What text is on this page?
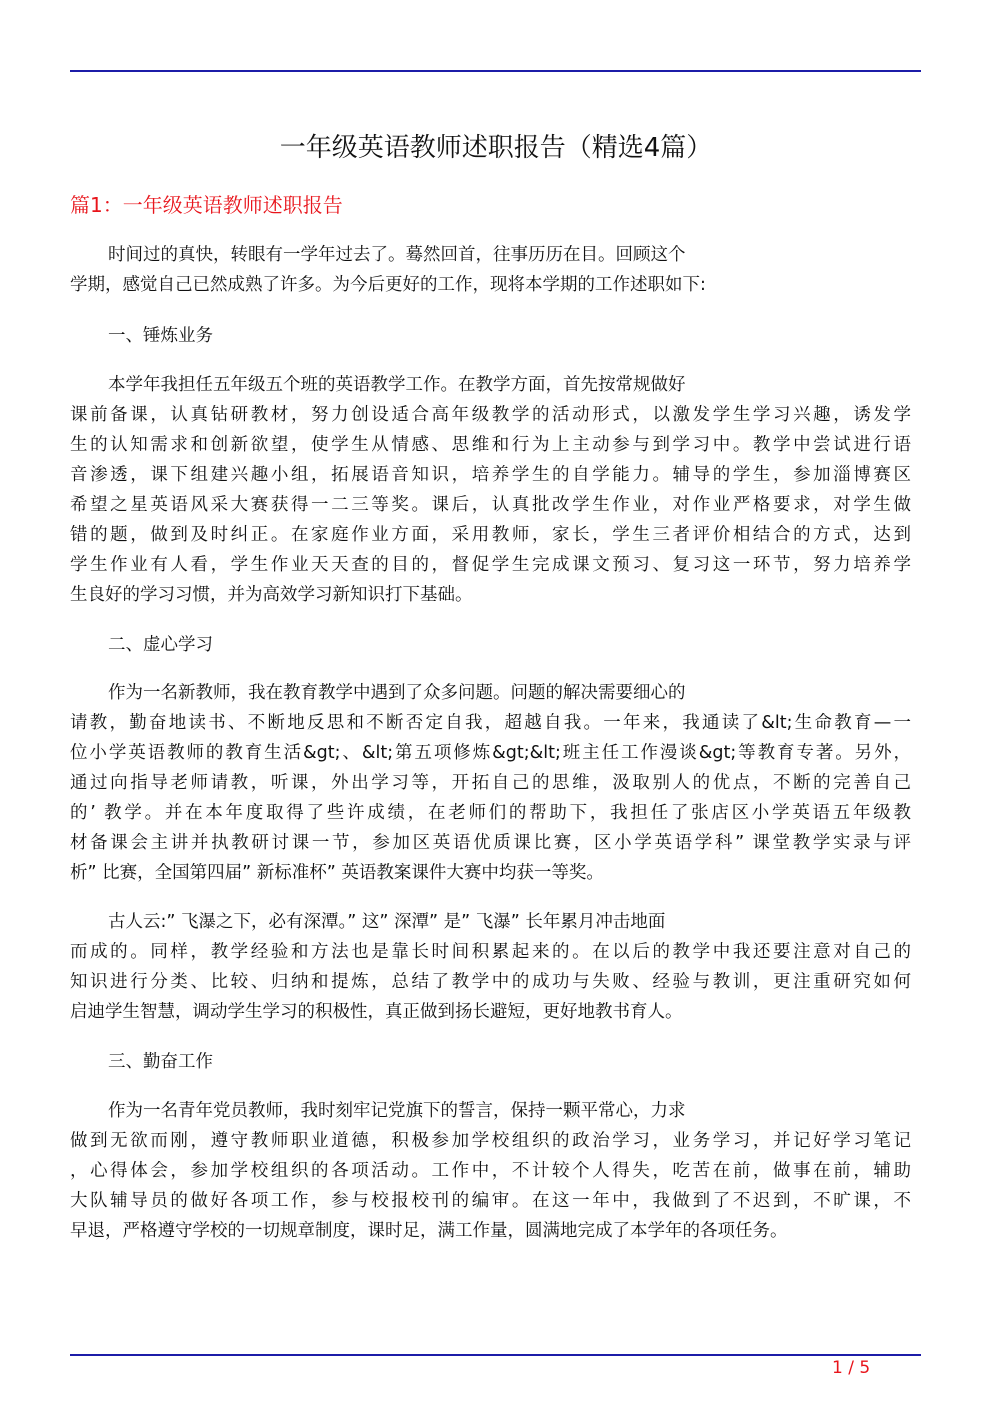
一年级英语教师述职报告（精选4篇）
篇1：一年级英语教师述职报告
时间过的真快，转眼有一学年过去了。蓦然回首，往事历历在目。回顾这个
学期，感觉自己已然成熟了许多。为今后更好的工作，现将本学期的工作述职如下:
一、锤炼业务
本学年我担任五年级五个班的英语教学工作。在教学方面，首先按常规做好
课前备课，认真钻研教材，努力创设适合高年级教学的活动形式，以激发学生学习兴趣，诱发学
生的认知需求和创新欲望，使学生从情感、思维和行为上主动参与到学习中。教学中尝试进行语
音渗透，课下组建兴趣小组，拓展语音知识，培养学生的自学能力。辅导的学生，参加淄博赛区
希望之星英语风采大赛获得一二三等奖。课后，认真批改学生作业，对作业严格要求，对学生做
错的题，做到及时纠正。在家庭作业方面，采用教师，家长，学生三者评价相结合的方式，达到
学生作业有人看，学生作业天天查的目的，督促学生完成课文预习、复习这一环节，努力培养学
生良好的学习习惯，并为高效学习新知识打下基础。
二、虚心学习
作为一名新教师，我在教育教学中遇到了众多问题。问题的解决需要细心的
请教，勤奋地读书、不断地反思和不断否定自我，超越自我。一年来，我通读了&lt;生命教育—一
位小学英语教师的教育生活&gt;、&lt;第五项修炼&gt;&lt;班主任工作漫谈&gt;等教育专著。另外，
通过向指导老师请教，听课，外出学习等，开拓自己的思维，汲取别人的优点，不断的完善自己
的’ 教学。并在本年度取得了些许成绩，在老师们的帮助下，我担任了张店区小学英语五年级教
材备课会主讲并执教研讨课一节，参加区英语优质课比赛，区小学英语学科” 课堂教学实录与评
析” 比赛，全国第四届” 新标准杯” 英语教案课件大赛中均获一等奖。
古人云:” 飞瀑之下，必有深潭。” 这” 深潭” 是” 飞瀑” 长年累月冲击地面
而成的。同样，教学经验和方法也是靠长时间积累起来的。在以后的教学中我还要注意对自己的
知识进行分类、比较、归纳和提炼，总结了教学中的成功与失败、经验与教训，更注重研究如何
启迪学生智慧，调动学生学习的积极性，真正做到扬长避短，更好地教书育人。
三、勤奋工作
作为一名青年党员教师，我时刻牢记党旗下的誓言，保持一颗平常心，力求
做到无欲而刚，遵守教师职业道德，积极参加学校组织的政治学习，业务学习，并记好学习笔记
，心得体会，参加学校组织的各项活动。工作中，不计较个人得失，吃苦在前，做事在前，辅助
大队辅导员的做好各项工作，参与校报校刊的编审。在这一年中，我做到了不迟到，不旷课，不
早退，严格遵守学校的一切规章制度，课时足，满工作量，圆满地完成了本学年的各项任务。
1 / 5
